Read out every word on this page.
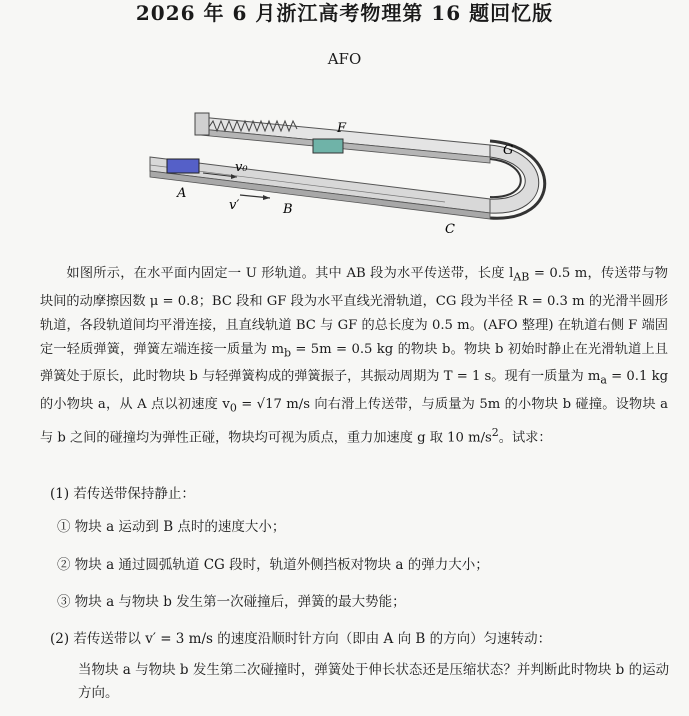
2026 年 6 月浙江高考物理第 16 题回忆版
AFO
A
v₀
v′	B
F
G
C
如图所示，在水平面内固定一 U 形轨道。其中 AB 段为水平传送带，长度 $l_{AB} = 0.5$ m，传送带与物块间的动摩擦因数 μ = 0.8；BC 段和 GF 段为水平直线光滑轨道，CG 段为半径 R = 0.3 m 的光滑半圆形轨道，各段轨道间均平滑连接，且直线轨道 BC 与 GF 的总长度为 0.5 m。(AFO 整理) 在轨道右侧 F 端固定一轻质弹簧，弹簧左端连接一质量为 $m_b = 5m = 0.5$ kg 的物块 b。物块 b 初始时静止在光滑轨道上且弹簧处于原长，此时物块 b 与轻弹簧构成的弹簧振子，其振动周期为 T = 1 s。现有一质量为 $m_a = 0.1$ kg 的小物块 a，从 A 点以初速度 $v_0 = √17$ m/s 向右滑上传送带，与质量为 5m 的小物块 b 碰撞。设物块 a 与 b 之间的碰撞均为弹性正碰，物块均可视为质点，重力加速度 g 取 10 $m/s^2$。试求：
(1) 若传送带保持静止：
① 物块 a 运动到 B 点时的速度大小；
② 物块 a 通过圆弧轨道 CG 段时，轨道外侧挡板对物块 a 的弹力大小；
③ 物块 a 与物块 b 发生第一次碰撞后，弹簧的最大势能；
(2) 若传送带以 v′ = 3 m/s 的速度沿顺时针方向（即由 A 向 B 的方向）匀速转动：
当物块 a 与物块 b 发生第二次碰撞时，弹簧处于伸长状态还是压缩状态？并判断此时物块 b 的运动方向。
